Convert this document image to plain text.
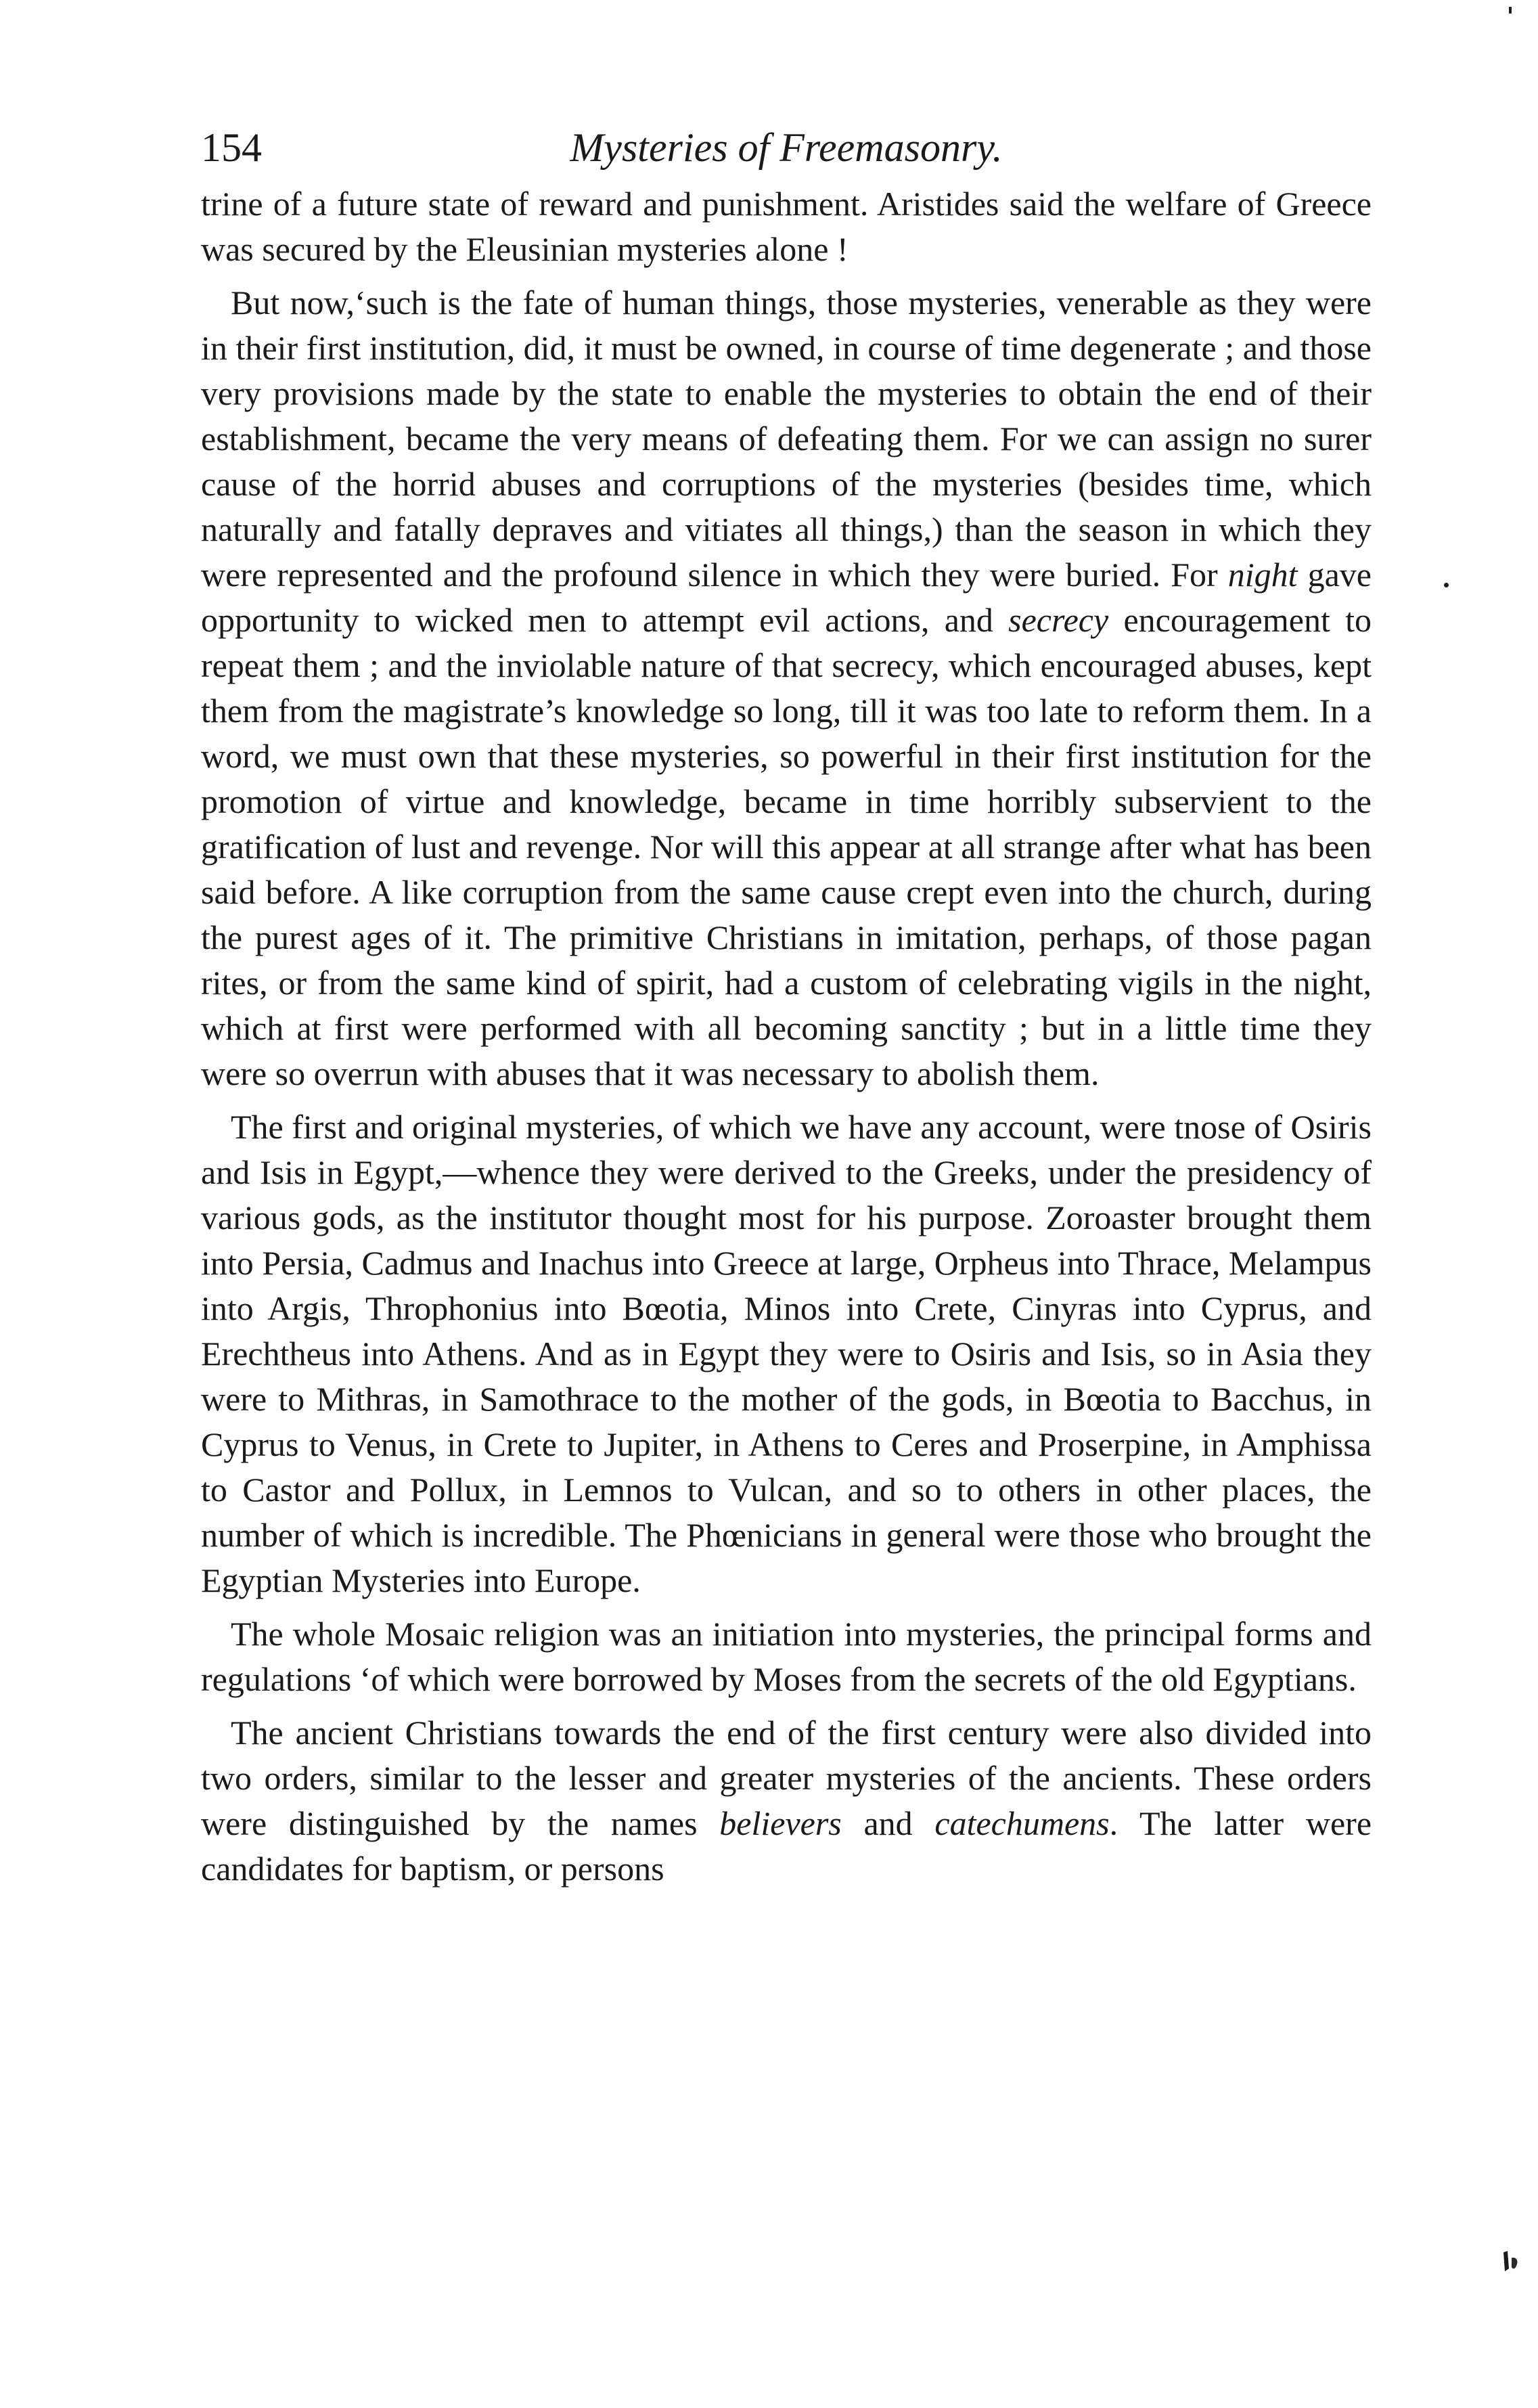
154	Mysteries of Freemasonry.

trine of a future state of reward and punishment. Aristides said the welfare of Greece was secured by the Eleusinian mysteries alone !

But now,‘such is the fate of human things, those mysteries, venerable as they were in their first institution, did, it must be owned, in course of time degenerate ; and those very provisions made by the state to enable the mysteries to obtain the end of their establishment, became the very means of defeating them. For we can assign no surer cause of the horrid abuses and corruptions of the mysteries (besides time, which naturally and fatally depraves and vitiates all things,) than the season in which they were represented and the profound silence in which they were buried. For night gave opportunity to wicked men to attempt evil actions, and secrecy encouragement to repeat them ; and the inviolable nature of that secrecy, which encouraged abuses, kept them from the magistrate’s knowledge so long, till it was too late to reform them. In a word, we must own that these mysteries, so powerful in their first institution for the promotion of virtue and knowledge, became in time horribly subservient to the gratification of lust and revenge. Nor will this appear at all strange after what has been said before. A like corruption from the same cause crept even into the church, during the purest ages of it. The primitive Christians in imitation, perhaps, of those pagan rites, or from the same kind of spirit, had a custom of celebrating vigils in the night, which at first were performed with all becoming sanctity ; but in a little time they were so overrun with abuses that it was necessary to abolish them.

The first and original mysteries, of which we have any account, were tnose of Osiris and Isis in Egypt,—whence they were derived to the Greeks, under the presidency of various gods, as the institutor thought most for his purpose. Zoroaster brought them into Persia, Cadmus and Inachus into Greece at large, Orpheus into Thrace, Melampus into Argis, Throphonius into Bœotia, Minos into Crete, Cinyras into Cyprus, and Erechtheus into Athens. And as in Egypt they were to Osiris and Isis, so in Asia they were to Mithras, in Samothrace to the mother of the gods, in Bœotia to Bacchus, in Cyprus to Venus, in Crete to Jupiter, in Athens to Ceres and Proserpine, in Amphissa to Castor and Pollux, in Lemnos to Vulcan, and so to others in other places, the number of which is incredible. The Phœnicians in general were those who brought the Egyptian Mysteries into Europe.

The whole Mosaic religion was an initiation into mysteries, the principal forms and regulations ‘of which were borrowed by Moses from the secrets of the old Egyptians.

The ancient Christians towards the end of the first century were also divided into two orders, similar to the lesser and greater mysteries of the ancients. These orders were distinguished by the names believers and catechumens. The latter were candidates for baptism, or persons
